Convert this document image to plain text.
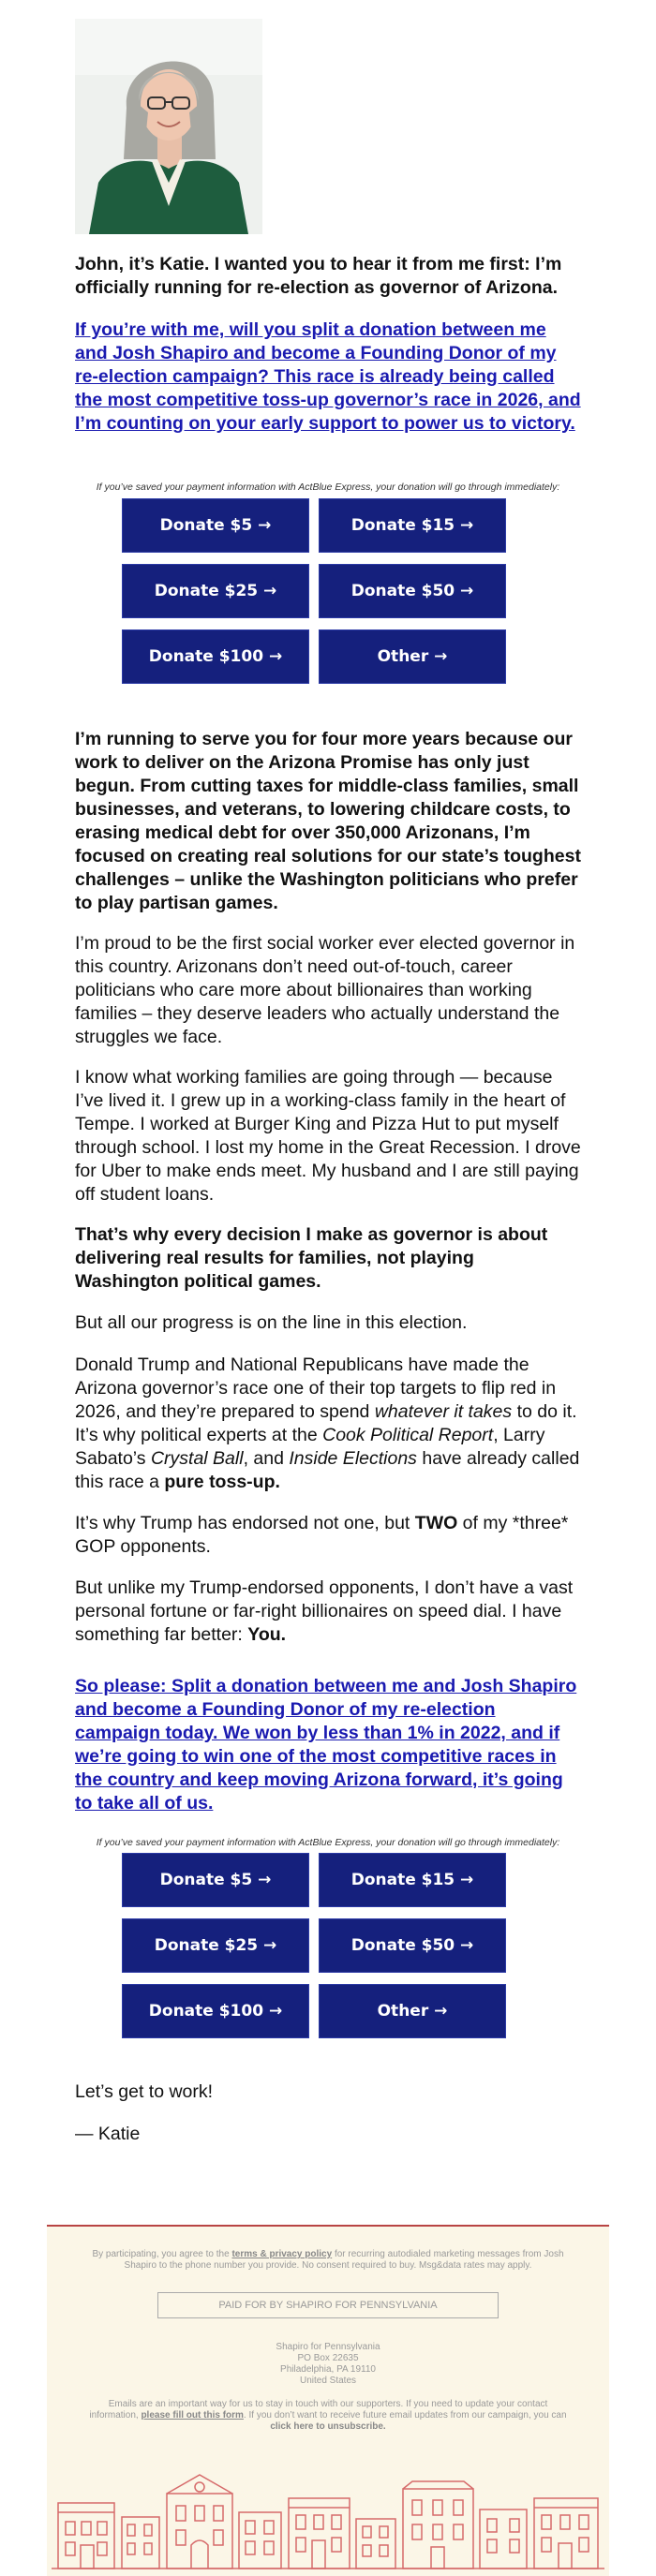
John, it’s Katie. I wanted you to hear it from me first: I’m officially running for re-election as governor of Arizona.

If you’re with me, will you split a donation between me and Josh Shapiro and become a Founding Donor of my re-election campaign? This race is already being called the most competitive toss-up governor’s race in 2026, and I’m counting on your early support to power us to victory.

If you’ve saved your payment information with ActBlue Express, your donation will go through immediately:

I’m running to serve you for four more years because our work to deliver on the Arizona Promise has only just begun. From cutting taxes for middle-class families, small businesses, and veterans, to lowering childcare costs, to erasing medical debt for over 350,000 Arizonans, I’m focused on creating real solutions for our state’s toughest challenges – unlike the Washington politicians who prefer to play partisan games.

I’m proud to be the first social worker ever elected governor in this country. Arizonans don’t need out-of-touch, career politicians who care more about billionaires than working families – they deserve leaders who actually understand the struggles we face.

I know what working families are going through — because I’ve lived it. I grew up in a working-class family in the heart of Tempe. I worked at Burger King and Pizza Hut to put myself through school. I lost my home in the Great Recession. I drove for Uber to make ends meet. My husband and I are still paying off student loans.

That’s why every decision I make as governor is about delivering real results for families, not playing Washington political games.

But all our progress is on the line in this election.

Donald Trump and National Republicans have made the Arizona governor’s race one of their top targets to flip red in 2026, and they’re prepared to spend whatever it takes to do it. It’s why political experts at the Cook Political Report, Larry Sabato’s Crystal Ball, and Inside Elections have already called this race a pure toss-up.

It’s why Trump has endorsed not one, but TWO of my *three* GOP opponents.

But unlike my Trump-endorsed opponents, I don’t have a vast personal fortune or far-right billionaires on speed dial. I have something far better: You.

So please: Split a donation between me and Josh Shapiro and become a Founding Donor of my re-election campaign today. We won by less than 1% in 2022, and if we’re going to win one of the most competitive races in the country and keep moving Arizona forward, it’s going to take all of us.

If you’ve saved your payment information with ActBlue Express, your donation will go through immediately:

Let’s get to work!

— Katie

Donate $5 →	Donate $15 →
Donate $25 →	Donate $50 →
Donate $100 →	Other →
Donate $5 →	Donate $15 →
Donate $25 →	Donate $50 →
Donate $100 →	Other →

By participating, you agree to the terms & privacy policy for recurring autodialed marketing messages from Josh Shapiro to the phone number you provide. No consent required to buy. Msg&data rates may apply.

PAID FOR BY SHAPIRO FOR PENNSYLVANIA

Shapiro for Pennsylvania
PO Box 22635
Philadelphia, PA 19110
United States

Emails are an important way for us to stay in touch with our supporters. If you need to update your contact information, please fill out this form. If you don’t want to receive future email updates from our campaign, you can click here to unsubscribe.
